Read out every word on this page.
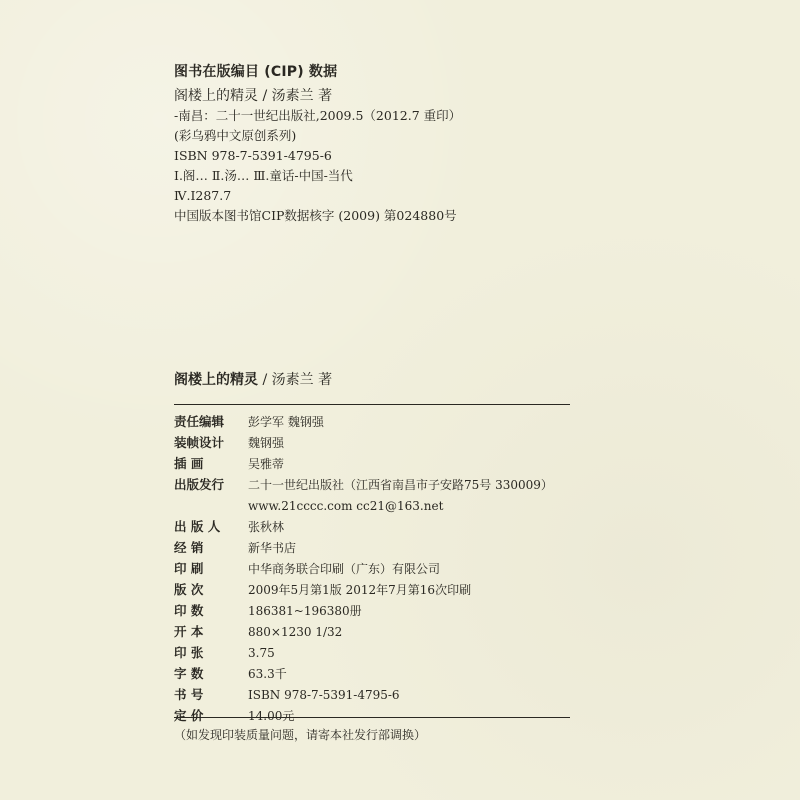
图书在版编目 (CIP) 数据
阁楼上的精灵 / 汤素兰 著
-南昌：二十一世纪出版社,2009.5（2012.7 重印）
(彩乌鸦中文原创系列)
ISBN 978-7-5391-4795-6
Ⅰ.阁… Ⅱ.汤… Ⅲ.童话-中国-当代
Ⅳ.I287.7
中国版本图书馆CIP数据核字 (2009) 第024880号
阁楼上的精灵 / 汤素兰 著
责任编辑	彭学军 魏钢强
装帧设计	魏钢强
插 画	吴雅蒂
出版发行	二十一世纪出版社（江西省南昌市子安路75号 330009）
www.21cccc.com cc21@163.net
出 版 人	张秋林
经 销	新华书店
印 刷	中华商务联合印刷（广东）有限公司
版 次	2009年5月第1版 2012年7月第16次印刷
印 数	186381~196380册
开 本	880×1230 1/32
印 张	3.75
字 数	63.3千
书 号	ISBN 978-7-5391-4795-6
定 价	14.00元
（如发现印装质量问题，请寄本社发行部调换）
